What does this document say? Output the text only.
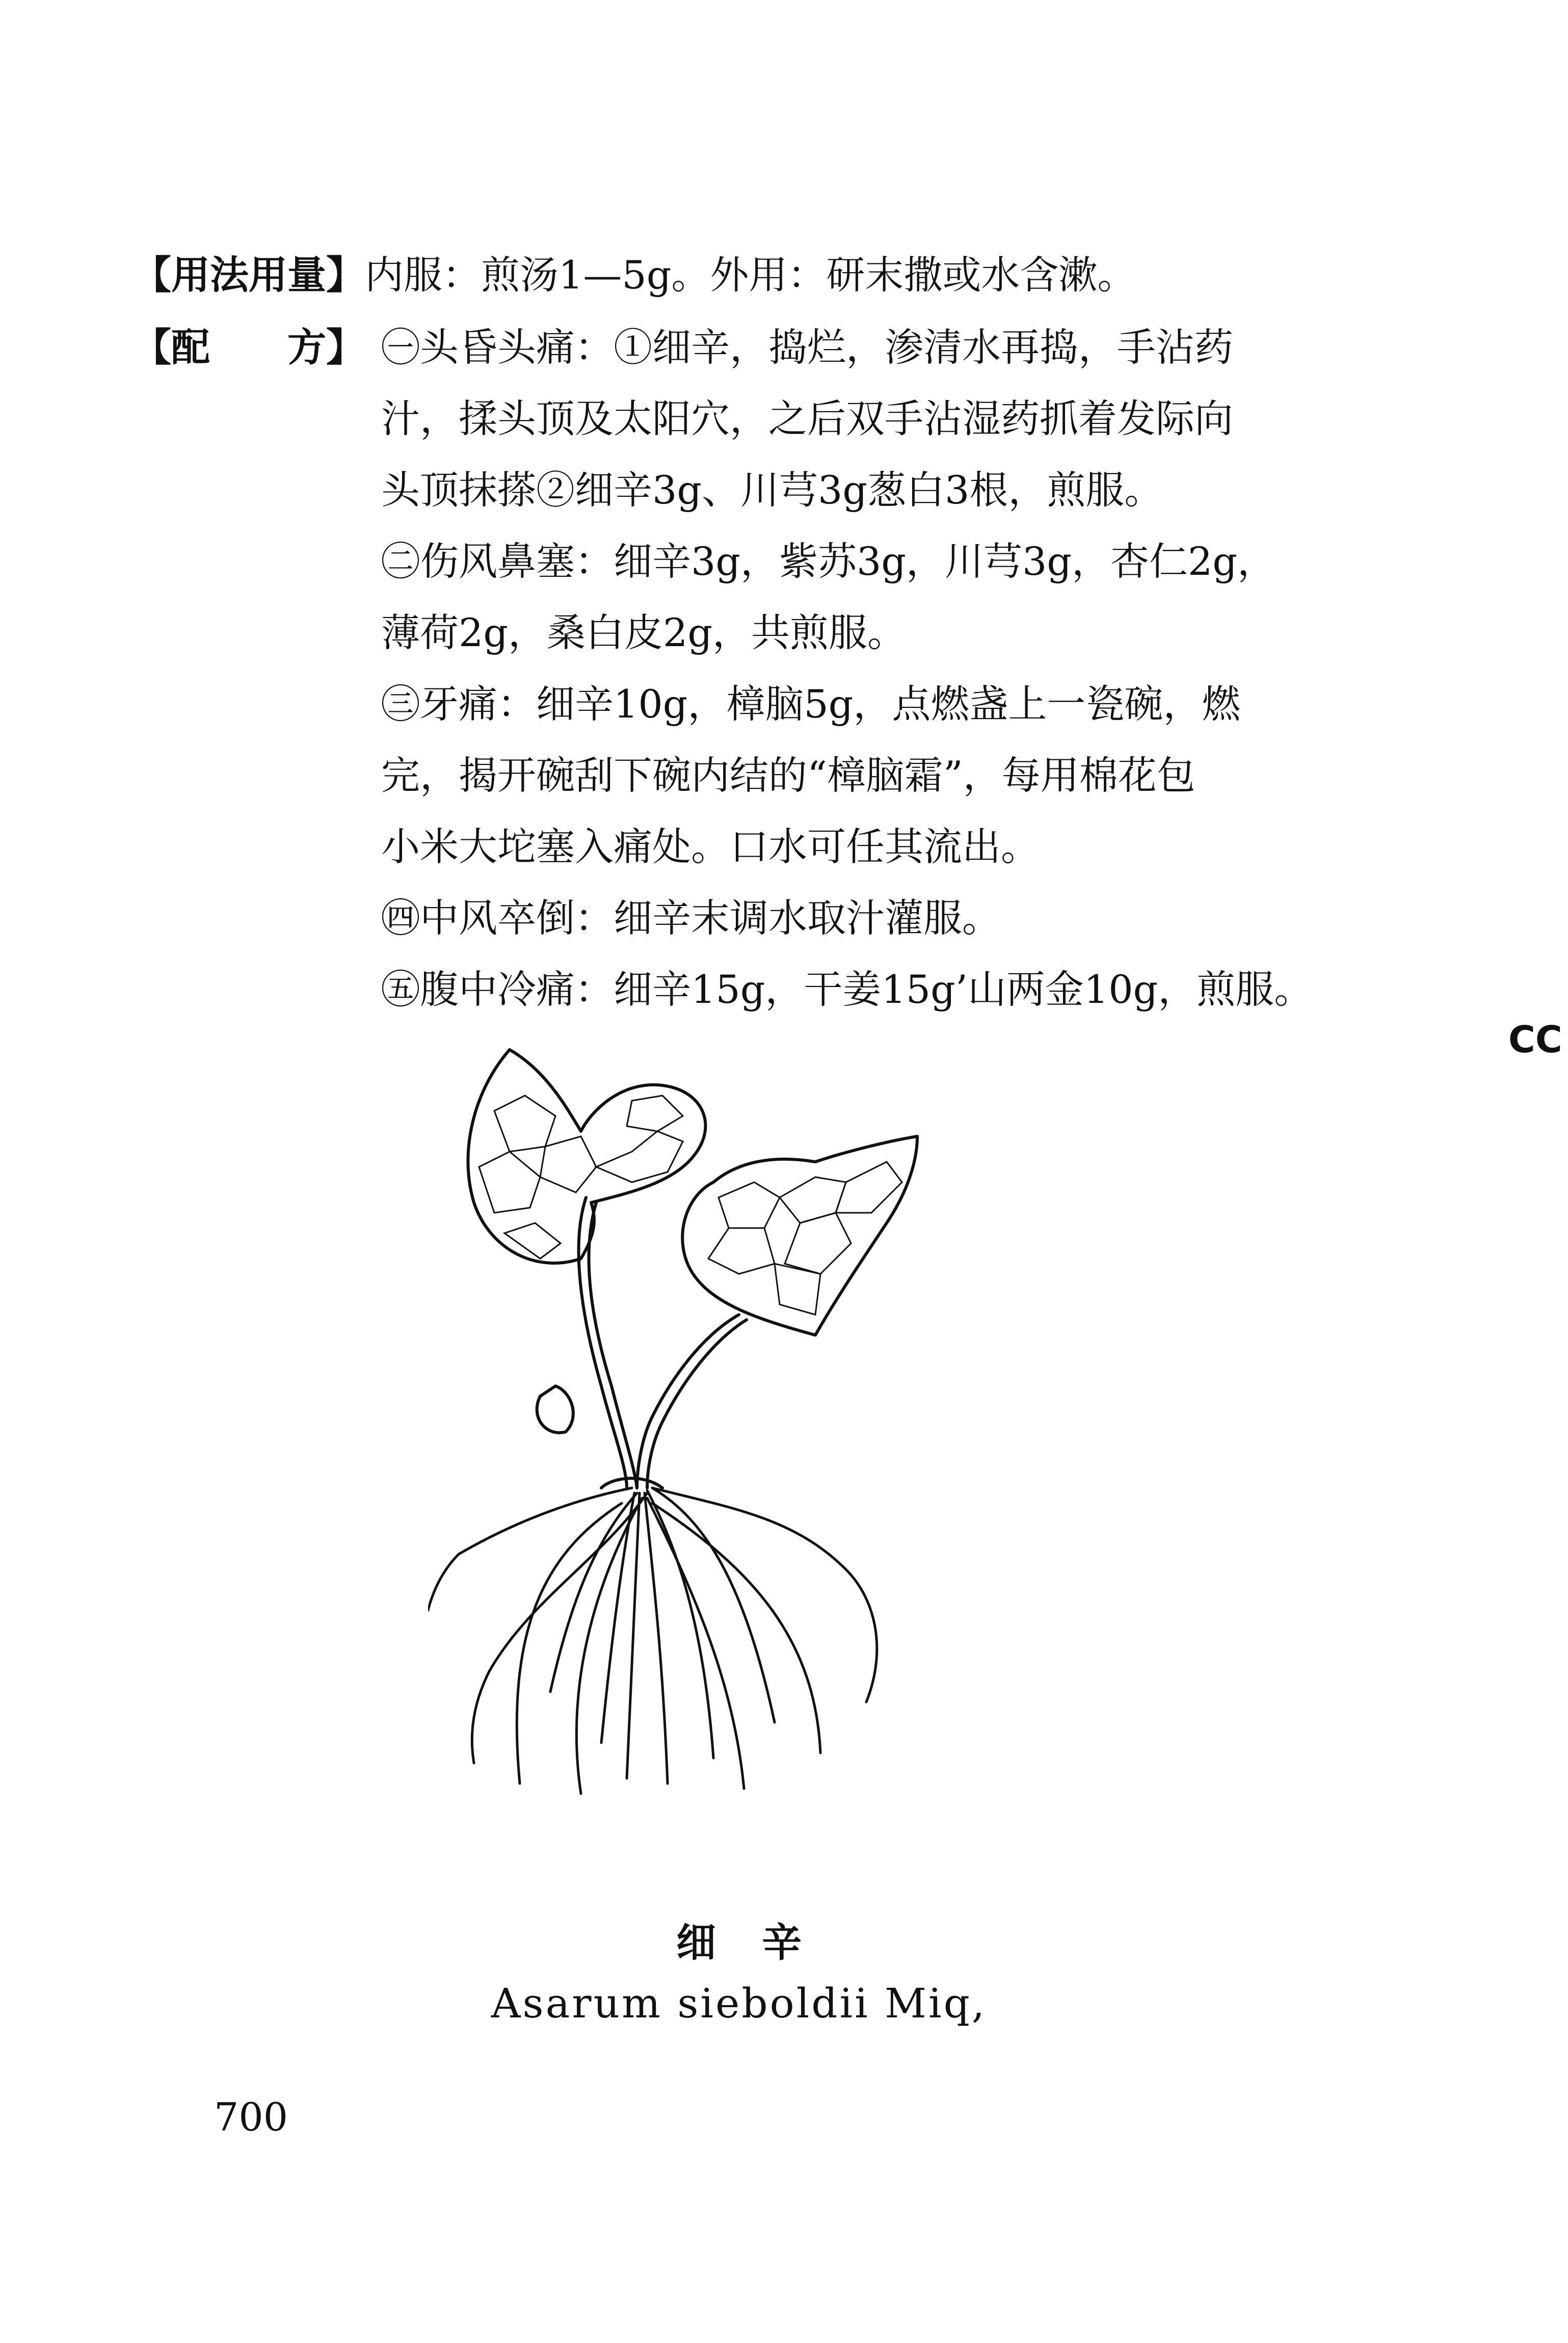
【用法用量】内服：煎汤1—5g。外用：研末撒或水含漱。
【配　　方】 ㊀头昏头痛：①细辛，捣烂，渗清水再捣，手沾药
汁，揉头顶及太阳穴，之后双手沾湿药抓着发际向
头顶抹搽②细辛3g、川芎3g葱白3根，煎服。
㊁伤风鼻塞：细辛3g，紫苏3g，川芎3g，杏仁2g，
薄荷2g，桑白皮2g，共煎服。
㊂牙痛：细辛10g，樟脑5g，点燃盏上一瓷碗，燃
完，揭开碗刮下碗内结的“樟脑霜”，每用棉花包
小米大坨塞入痛处。口水可任其流出。
㊃中风卒倒：细辛末调水取汁灌服。
㊄腹中冷痛：细辛15g，干姜15g’山两金10g，煎服。
CC
细辛
Asarum sieboldii Miq,
700
